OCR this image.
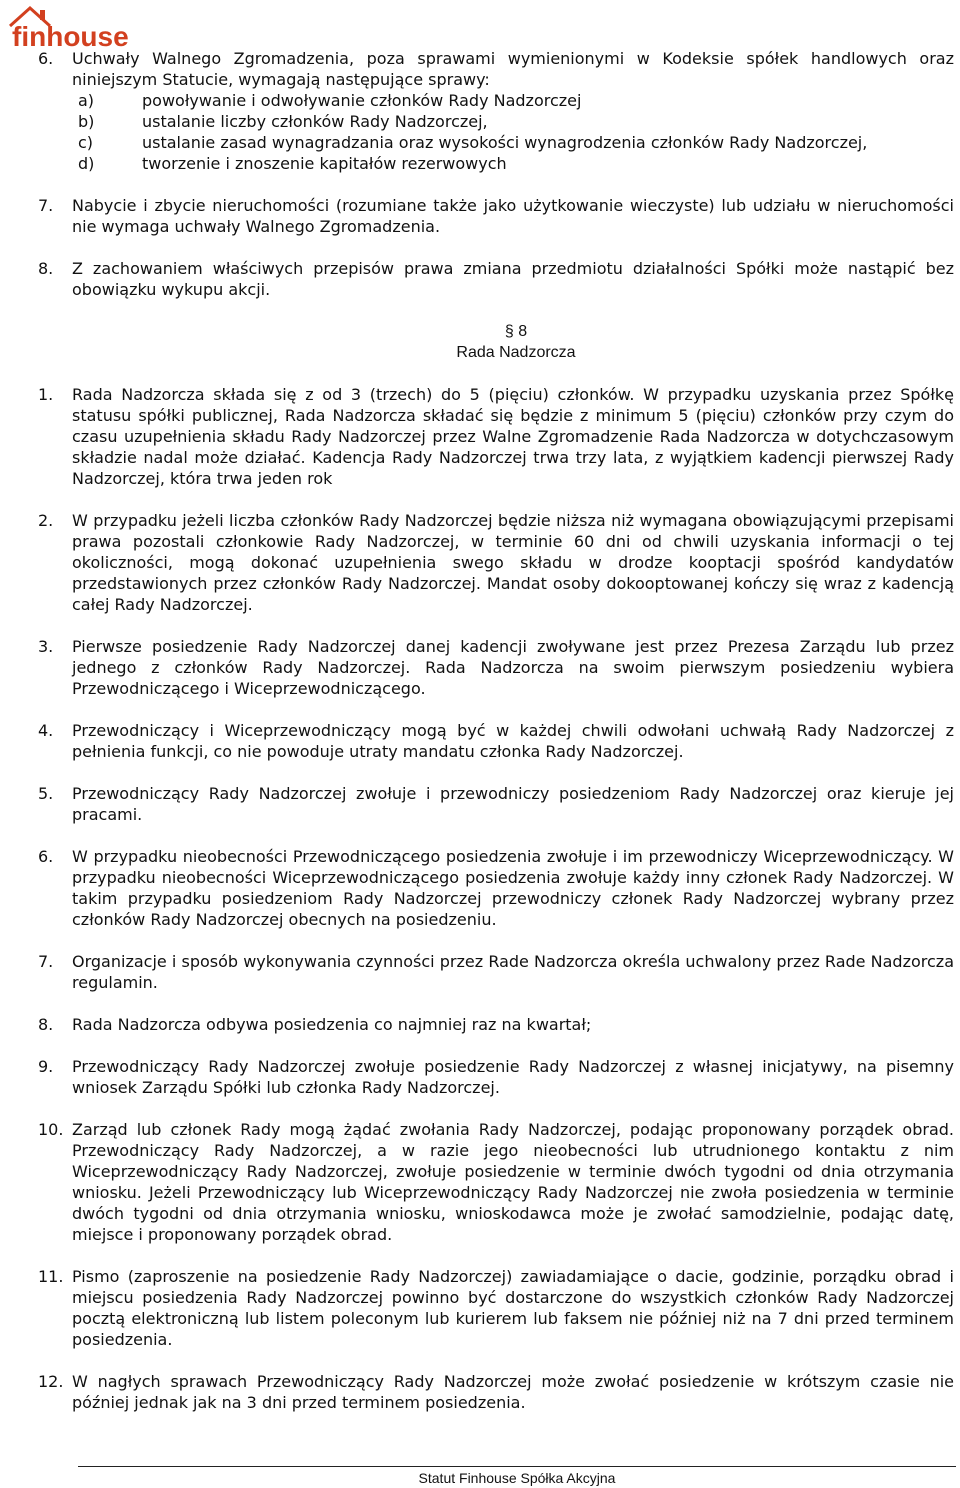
finhouse
6.	Uchwały Walnego Zgromadzenia, poza sprawami wymienionymi w Kodeksie spółek handlowych oraz niniejszym Statucie, wymagają następujące sprawy:
a)	powoływanie i odwoływanie członków Rady Nadzorczej
b)	ustalanie liczby członków Rady Nadzorczej,
c)	ustalanie zasad wynagradzania oraz wysokości wynagrodzenia członków Rady Nadzorczej,
d)	tworzenie i znoszenie kapitałów rezerwowych
7.	Nabycie i zbycie nieruchomości (rozumiane także jako użytkowanie wieczyste) lub udziału w nieruchomości nie wymaga uchwały Walnego Zgromadzenia.
8.	Z zachowaniem właściwych przepisów prawa zmiana przedmiotu działalności Spółki może nastąpić bez obowiązku wykupu akcji.
§ 8
Rada Nadzorcza
1.	Rada Nadzorcza składa się z od 3 (trzech) do 5 (pięciu) członków. W przypadku uzyskania przez Spółkę statusu spółki publicznej, Rada Nadzorcza składać się będzie z minimum 5 (pięciu) członków przy czym do czasu uzupełnienia składu Rady Nadzorczej przez Walne Zgromadzenie Rada Nadzorcza w dotychczasowym składzie nadal może działać. Kadencja Rady Nadzorczej trwa trzy lata, z wyjątkiem kadencji pierwszej Rady Nadzorczej, która trwa jeden rok
2.	W przypadku jeżeli liczba członków Rady Nadzorczej będzie niższa niż wymagana obowiązującymi przepisami prawa pozostali członkowie Rady Nadzorczej, w terminie 60 dni od chwili uzyskania informacji o tej okoliczności, mogą dokonać uzupełnienia swego składu w drodze kooptacji spośród kandydatów przedstawionych przez członków Rady Nadzorczej. Mandat osoby dokooptowanej kończy się wraz z kadencją całej Rady Nadzorczej.
3.	Pierwsze posiedzenie Rady Nadzorczej danej kadencji zwoływane jest przez Prezesa Zarządu lub przez jednego z członków Rady Nadzorczej. Rada Nadzorcza na swoim pierwszym posiedzeniu wybiera Przewodniczącego i Wiceprzewodniczącego.
4.	Przewodniczący i Wiceprzewodniczący mogą być w każdej chwili odwołani uchwałą Rady Nadzorczej z pełnienia funkcji, co nie powoduje utraty mandatu członka Rady Nadzorczej.
5.	Przewodniczący Rady Nadzorczej zwołuje i przewodniczy posiedzeniom Rady Nadzorczej oraz kieruje jej pracami.
6.	W przypadku nieobecności Przewodniczącego posiedzenia zwołuje i im przewodniczy Wiceprzewodniczący. W przypadku nieobecności Wiceprzewodniczącego posiedzenia zwołuje każdy inny członek Rady Nadzorczej. W takim przypadku posiedzeniom Rady Nadzorczej przewodniczy członek Rady Nadzorczej wybrany przez członków Rady Nadzorczej obecnych na posiedzeniu.
7.	Organizacje i sposób wykonywania czynności przez Rade Nadzorcza określa uchwalony przez Rade Nadzorcza regulamin.
8.	Rada Nadzorcza odbywa posiedzenia co najmniej raz na kwartał;
9.	Przewodniczący Rady Nadzorczej zwołuje posiedzenie Rady Nadzorczej z własnej inicjatywy, na pisemny wniosek Zarządu Spółki lub członka Rady Nadzorczej.
10. Zarząd lub członek Rady mogą żądać zwołania Rady Nadzorczej, podając proponowany porządek obrad. Przewodniczący Rady Nadzorczej, a w razie jego nieobecności lub utrudnionego kontaktu z nim Wiceprzewodniczący Rady Nadzorczej, zwołuje posiedzenie w terminie dwóch tygodni od dnia otrzymania wniosku. Jeżeli Przewodniczący lub Wiceprzewodniczący Rady Nadzorczej nie zwoła posiedzenia w terminie dwóch tygodni od dnia otrzymania wniosku, wnioskodawca może je zwołać samodzielnie, podając datę, miejsce i proponowany porządek obrad.
11. Pismo (zaproszenie na posiedzenie Rady Nadzorczej) zawiadamiające o dacie, godzinie, porządku obrad i miejscu posiedzenia Rady Nadzorczej powinno być dostarczone do wszystkich członków Rady Nadzorczej pocztą elektroniczną lub listem poleconym lub kurierem lub faksem nie później niż na 7 dni przed terminem posiedzenia.
12. W nagłych sprawach Przewodniczący Rady Nadzorczej może zwołać posiedzenie w krótszym czasie nie później jednak jak na 3 dni przed terminem posiedzenia.
Statut Finhouse Spółka Akcyjna
